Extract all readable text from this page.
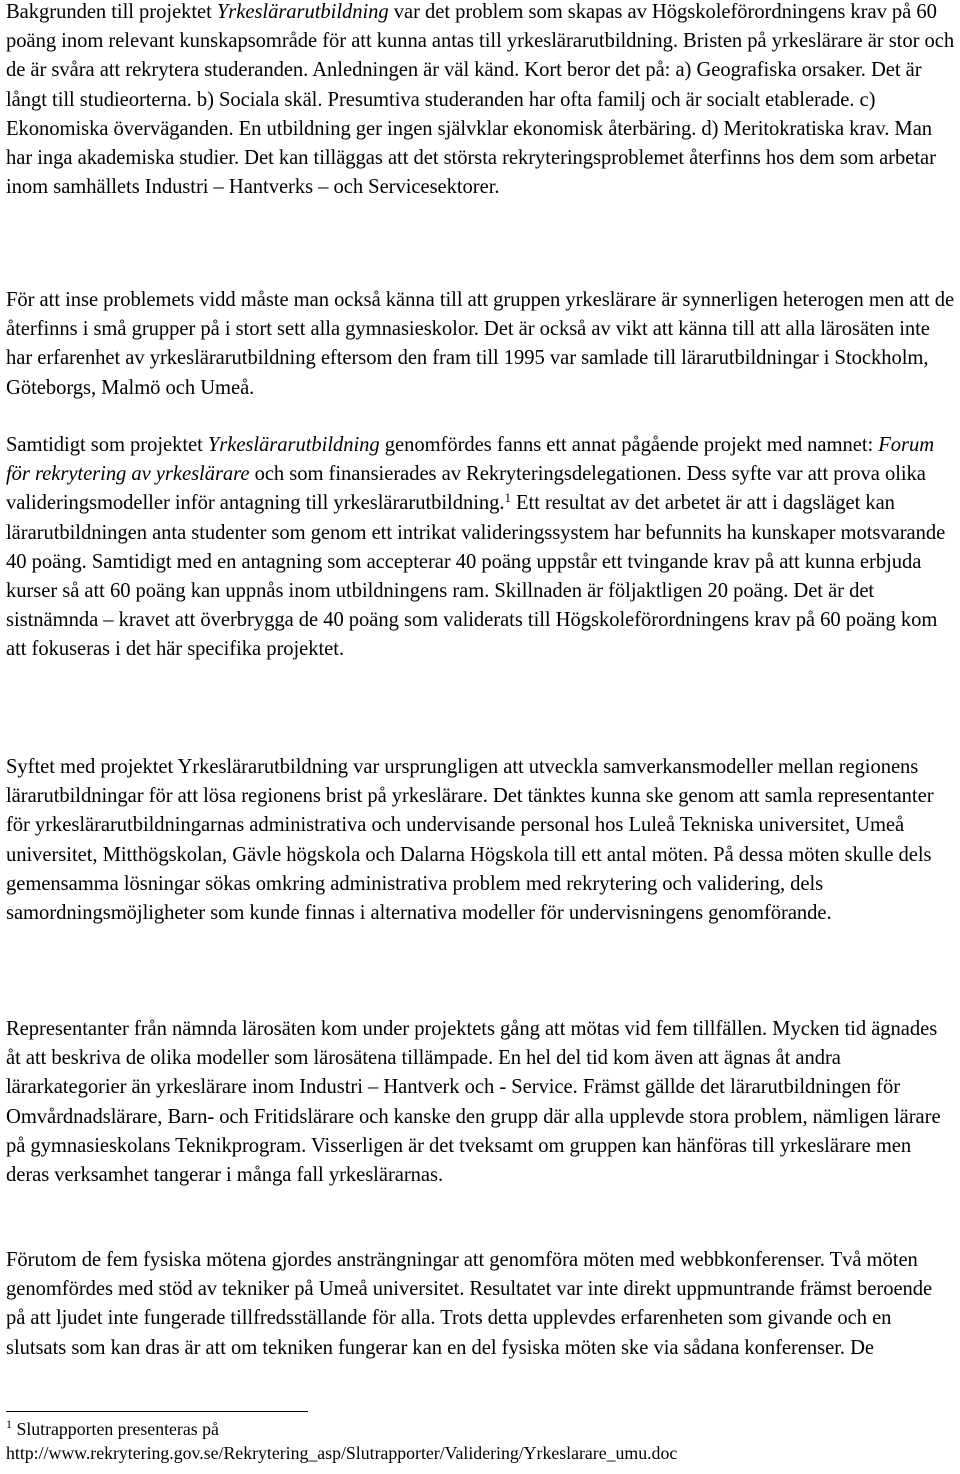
Bakgrunden till projektet Yrkeslärarutbildning var det problem som skapas av Högskoleförordningens krav på 60 poäng inom relevant kunskapsområde för att kunna antas till yrkeslärarutbildning. Bristen på yrkeslärare är stor och de är svåra att rekrytera studeranden. Anledningen är väl känd. Kort beror det på: a) Geografiska orsaker. Det är långt till studieorterna. b) Sociala skäl. Presumtiva studeranden har ofta familj och är socialt etablerade. c) Ekonomiska överväganden. En utbildning ger ingen självklar ekonomisk återbäring. d) Meritokratiska krav. Man har inga akademiska studier. Det kan tilläggas att det största rekryteringsproblemet återfinns hos dem som arbetar inom samhällets Industri – Hantverks – och Servicesektorer.

För att inse problemets vidd måste man också känna till att gruppen yrkeslärare är synnerligen heterogen men att de återfinns i små grupper på i stort sett alla gymnasieskolor. Det är också av vikt att känna till att alla lärosäten inte har erfarenhet av yrkeslärarutbildning eftersom den fram till 1995 var samlade till lärarutbildningar i Stockholm, Göteborgs, Malmö och Umeå.

Samtidigt som projektet Yrkeslärarutbildning genomfördes fanns ett annat pågående projekt med namnet: Forum för rekrytering av yrkeslärare och som finansierades av Rekryteringsdelegationen. Dess syfte var att prova olika valideringsmodeller inför antagning till yrkeslärarutbildning.$^1$ Ett resultat av det arbetet är att i dagsläget kan lärarutbildningen anta studenter som genom ett intrikat valideringssystem har befunnits ha kunskaper motsvarande 40 poäng. Samtidigt med en antagning som accepterar 40 poäng uppstår ett tvingande krav på att kunna erbjuda kurser så att 60 poäng kan uppnås inom utbildningens ram. Skillnaden är följaktligen 20 poäng. Det är det sistnämnda – kravet att överbrygga de 40 poäng som validerats till Högskoleförordningens krav på 60 poäng kom att fokuseras i det här specifika projektet.

Syftet med projektet Yrkeslärarutbildning var ursprungligen att utveckla samverkansmodeller mellan regionens lärarutbildningar för att lösa regionens brist på yrkeslärare. Det tänktes kunna ske genom att samla representanter för yrkeslärarutbildningarnas administrativa och undervisande personal hos Luleå Tekniska universitet, Umeå universitet, Mitthögskolan, Gävle högskola och Dalarna Högskola till ett antal möten. På dessa möten skulle dels gemensamma lösningar sökas omkring administrativa problem med rekrytering och validering, dels samordningsmöjligheter som kunde finnas i alternativa modeller för undervisningens genomförande.

Representanter från nämnda lärosäten kom under projektets gång att mötas vid fem tillfällen. Mycken tid ägnades åt att beskriva de olika modeller som lärosätena tillämpade. En hel del tid kom även att ägnas åt andra lärarkategorier än yrkeslärare inom Industri – Hantverk och - Service. Främst gällde det lärarutbildningen för Omvårdnadslärare, Barn- och Fritidslärare och kanske den grupp där alla upplevde stora problem, nämligen lärare på gymnasieskolans Teknikprogram. Visserligen är det tveksamt om gruppen kan hänföras till yrkeslärare men deras verksamhet tangerar i många fall yrkeslärarnas.

Förutom de fem fysiska mötena gjordes ansträngningar att genomföra möten med webbkonferenser. Två möten genomfördes med stöd av tekniker på Umeå universitet. Resultatet var inte direkt uppmuntrande främst beroende på att ljudet inte fungerade tillfredsställande för alla. Trots detta upplevdes erfarenheten som givande och en slutsats som kan dras är att om tekniken fungerar kan en del fysiska möten ske via sådana konferenser. De

$^1$ Slutrapporten presenteras på
http://www.rekrytering.gov.se/Rekrytering_asp/Slutrapporter/Validering/Yrkeslarare_umu.doc
